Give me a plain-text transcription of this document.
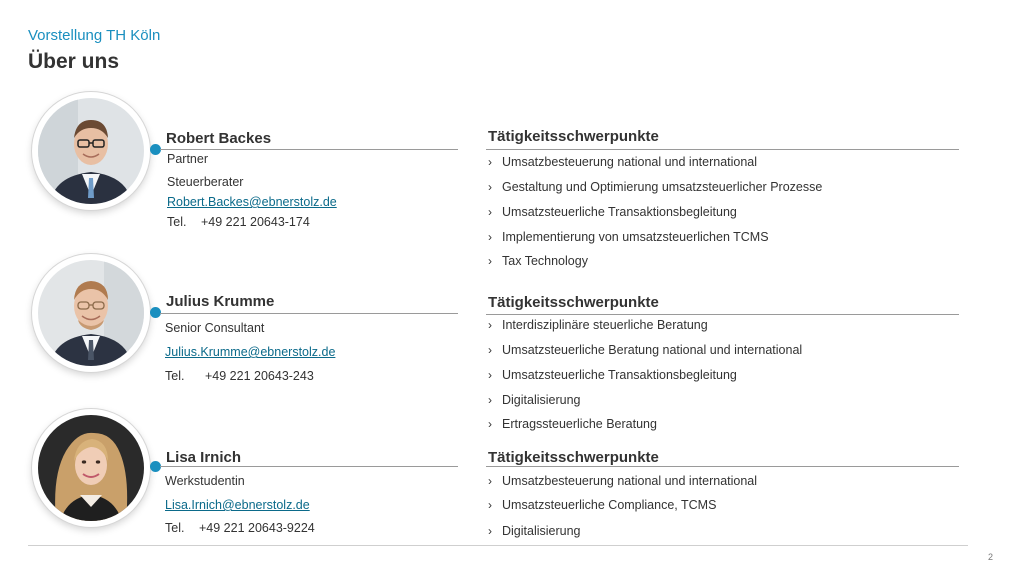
Vorstellung TH Köln
Über uns
Robert Backes
Partner
Steuerberater
Robert.Backes@ebnerstolz.de
Tel. +49 221 20643-174
Tätigkeitsschwerpunkte
› Umsatzbesteuerung national und international
› Gestaltung und Optimierung umsatzsteuerlicher Prozesse
› Umsatzsteuerliche Transaktionsbegleitung
› Implementierung von umsatzsteuerlichen TCMS
› Tax Technology
Julius Krumme
Senior Consultant
Julius.Krumme@ebnerstolz.de
Tel. +49 221 20643-243
Tätigkeitsschwerpunkte
› Interdisziplinäre steuerliche Beratung
› Umsatzsteuerliche Beratung national und international
› Umsatzsteuerliche Transaktionsbegleitung
› Digitalisierung
› Ertragssteuerliche Beratung
Lisa Irnich
Werkstudentin
Lisa.Irnich@ebnerstolz.de
Tel. +49 221 20643-9224
Tätigkeitsschwerpunkte
› Umsatzbesteuerung national und international
› Umsatzsteuerliche Compliance, TCMS
› Digitalisierung
2
